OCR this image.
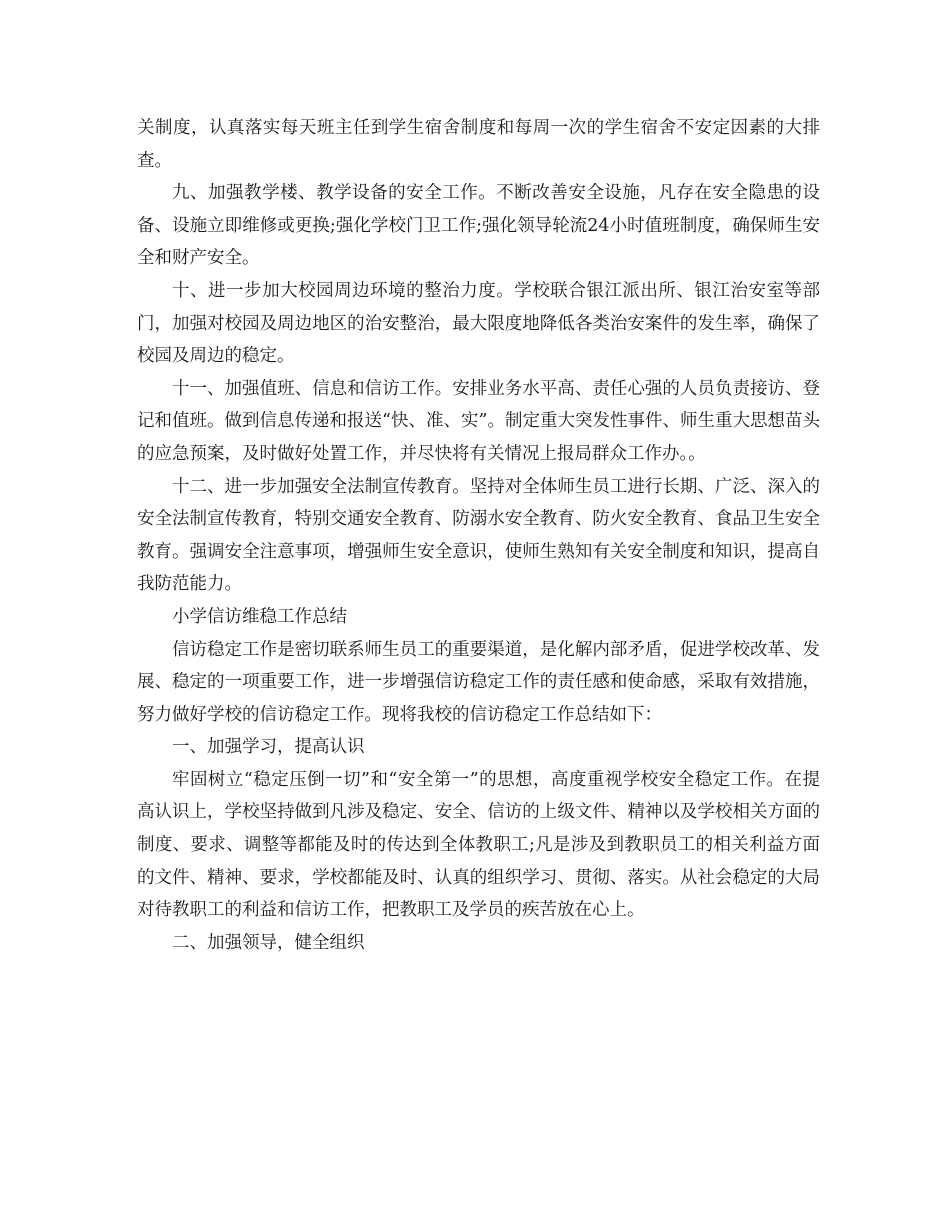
关制度，认真落实每天班主任到学生宿舍制度和每周一次的学生宿舍不安定因素的大排查。

九、加强教学楼、教学设备的安全工作。不断改善安全设施，凡存在安全隐患的设备、设施立即维修或更换;强化学校门卫工作;强化领导轮流24小时值班制度，确保师生安全和财产安全。

十、进一步加大校园周边环境的整治力度。学校联合银江派出所、银江治安室等部门，加强对校园及周边地区的治安整治，最大限度地降低各类治安案件的发生率，确保了校园及周边的稳定。

十一、加强值班、信息和信访工作。安排业务水平高、责任心强的人员负责接访、登记和值班。做到信息传递和报送“快、准、实”。制定重大突发性事件、师生重大思想苗头的应急预案，及时做好处置工作，并尽快将有关情况上报局群众工作办。。

十二、进一步加强安全法制宣传教育。坚持对全体师生员工进行长期、广泛、深入的安全法制宣传教育，特别交通安全教育、防溺水安全教育、防火安全教育、食品卫生安全教育。强调安全注意事项，增强师生安全意识，使师生熟知有关安全制度和知识，提高自我防范能力。

小学信访维稳工作总结

信访稳定工作是密切联系师生员工的重要渠道，是化解内部矛盾，促进学校改革、发展、稳定的一项重要工作，进一步增强信访稳定工作的责任感和使命感，采取有效措施，努力做好学校的信访稳定工作。现将我校的信访稳定工作总结如下：

一、加强学习，提高认识

牢固树立“稳定压倒一切”和“安全第一”的思想，高度重视学校安全稳定工作。在提高认识上，学校坚持做到凡涉及稳定、安全、信访的上级文件、精神以及学校相关方面的制度、要求、调整等都能及时的传达到全体教职工;凡是涉及到教职员工的相关利益方面的文件、精神、要求，学校都能及时、认真的组织学习、贯彻、落实。从社会稳定的大局对待教职工的利益和信访工作，把教职工及学员的疾苦放在心上。

二、加强领导，健全组织
